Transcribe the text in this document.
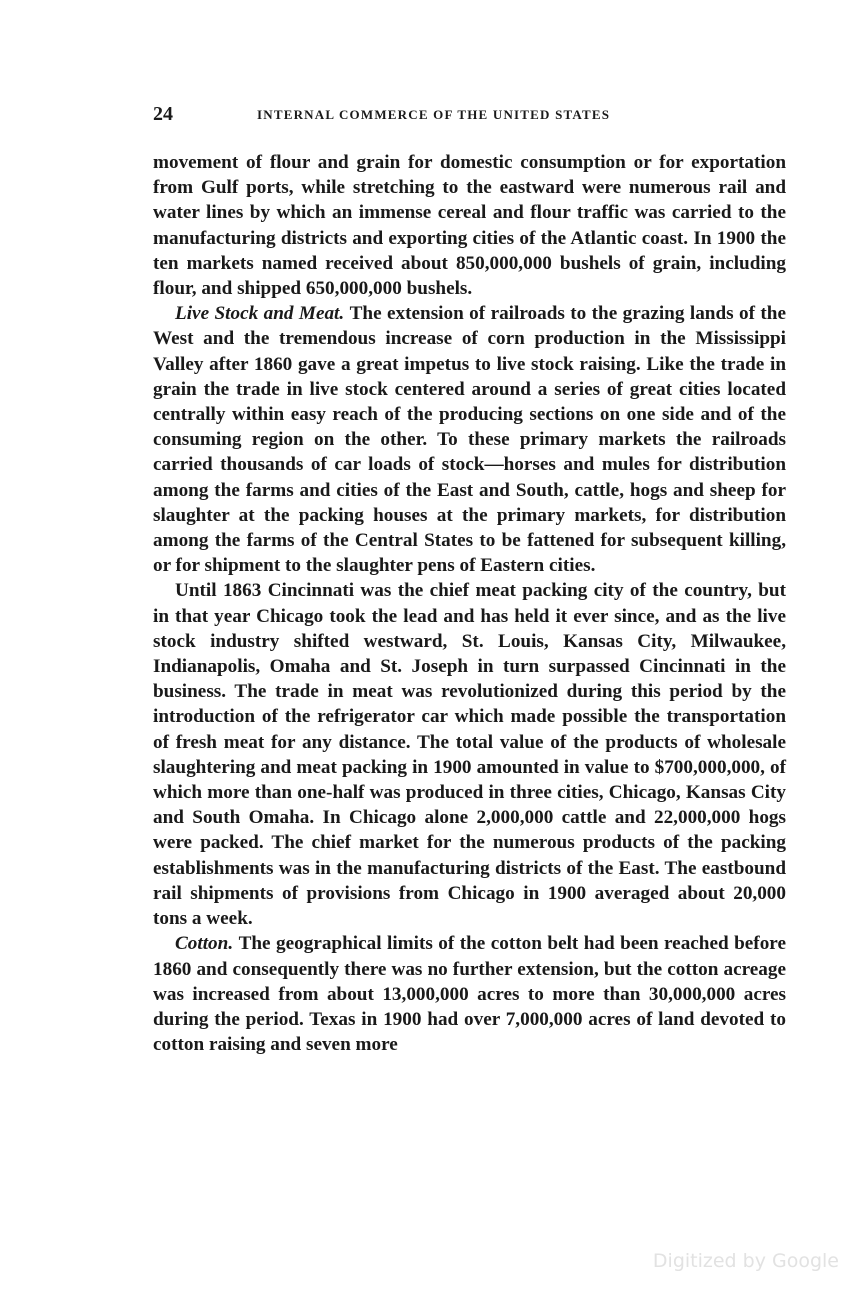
24	INTERNAL COMMERCE OF THE UNITED STATES

movement of flour and grain for domestic consumption or for exportation from Gulf ports, while stretching to the eastward were numerous rail and water lines by which an immense cereal and flour traffic was carried to the manufacturing districts and exporting cities of the Atlantic coast. In 1900 the ten markets named received about 850,000,000 bushels of grain, including flour, and shipped 650,000,000 bushels.

Live Stock and Meat. The extension of railroads to the grazing lands of the West and the tremendous increase of corn production in the Mississippi Valley after 1860 gave a great impetus to live stock raising. Like the trade in grain the trade in live stock centered around a series of great cities located centrally within easy reach of the producing sections on one side and of the consuming region on the other. To these primary markets the railroads carried thousands of car loads of stock—horses and mules for distribution among the farms and cities of the East and South, cattle, hogs and sheep for slaughter at the packing houses at the primary markets, for distribution among the farms of the Central States to be fattened for subsequent killing, or for shipment to the slaughter pens of Eastern cities.

Until 1863 Cincinnati was the chief meat packing city of the country, but in that year Chicago took the lead and has held it ever since, and as the live stock industry shifted westward, St. Louis, Kansas City, Milwaukee, Indianapolis, Omaha and St. Joseph in turn surpassed Cincinnati in the business. The trade in meat was revolutionized during this period by the introduction of the refrigerator car which made possible the transportation of fresh meat for any distance. The total value of the products of wholesale slaughtering and meat packing in 1900 amounted in value to $700,000,000, of which more than one-half was produced in three cities, Chicago, Kansas City and South Omaha. In Chicago alone 2,000,000 cattle and 22,000,000 hogs were packed. The chief market for the numerous products of the packing establishments was in the manufacturing districts of the East. The eastbound rail shipments of provisions from Chicago in 1900 averaged about 20,000 tons a week.

Cotton. The geographical limits of the cotton belt had been reached before 1860 and consequently there was no further extension, but the cotton acreage was increased from about 13,000,000 acres to more than 30,000,000 acres during the period. Texas in 1900 had over 7,000,000 acres of land devoted to cotton raising and seven more

Digitized by Google
